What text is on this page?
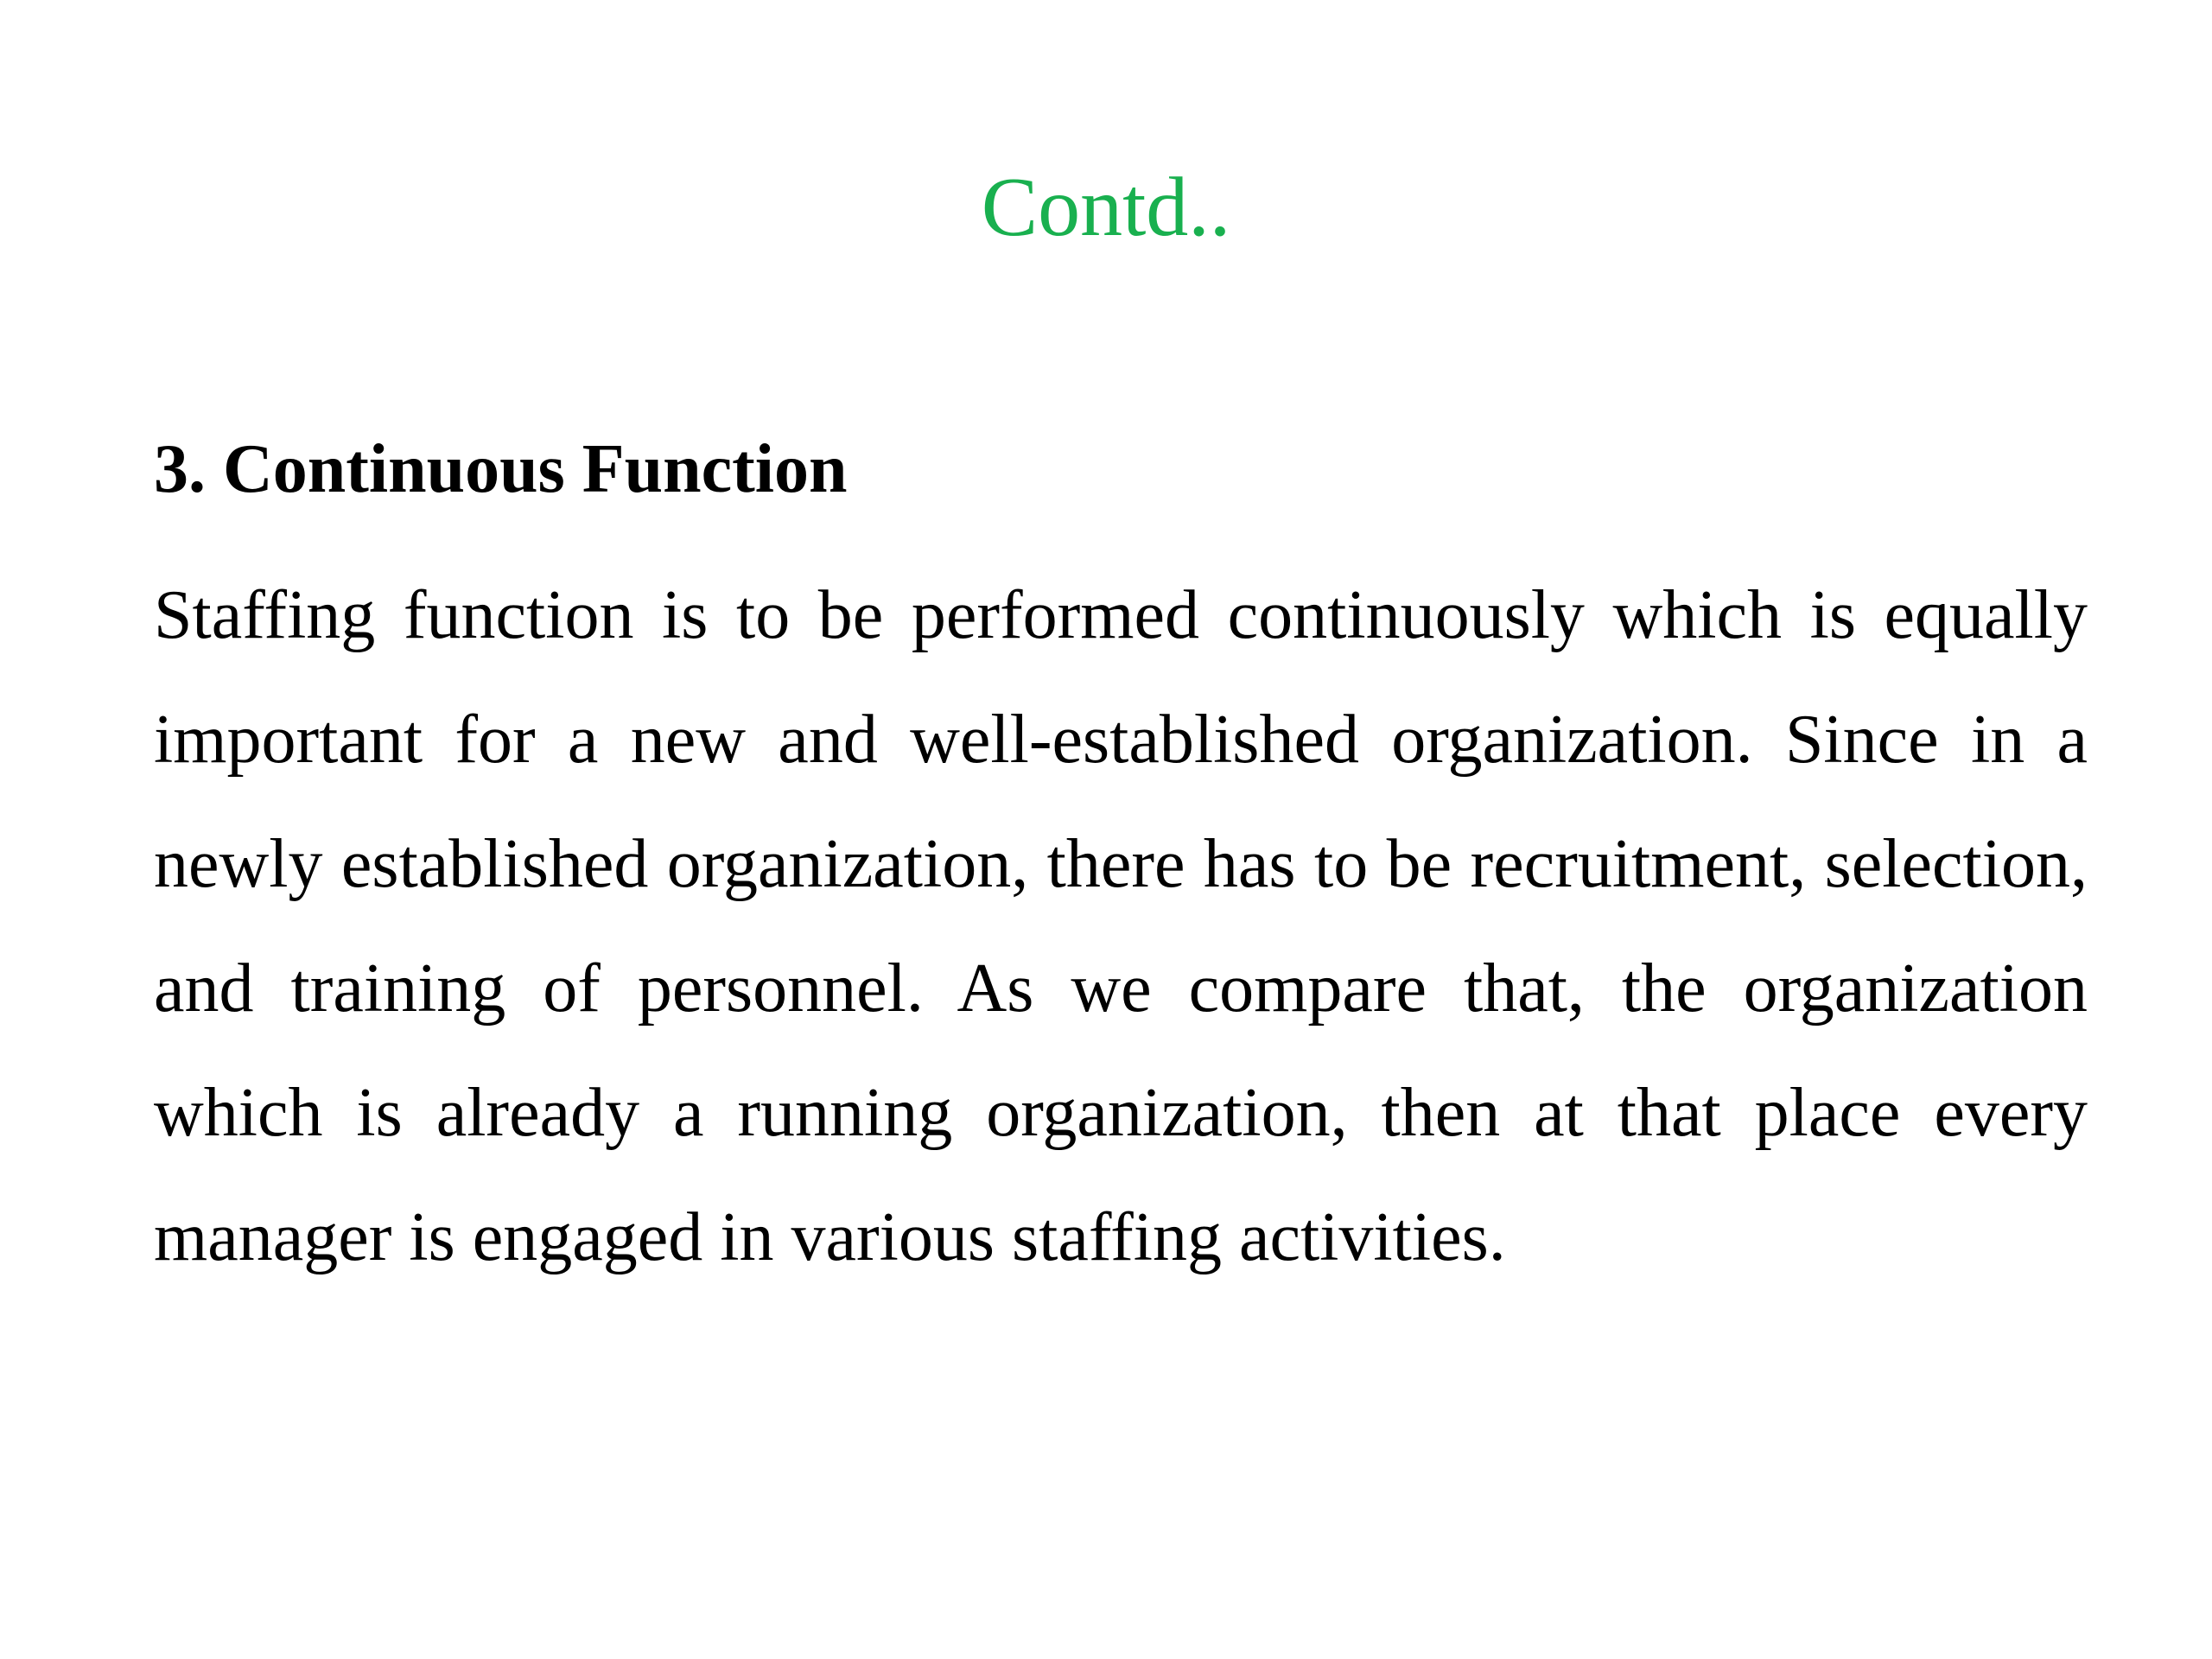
Contd..
3. Continuous Function

Staffing function is to be performed continuously which is equally important for a new and well-established organization. Since in a newly established organization, there has to be recruitment, selection, and training of personnel. As we compare that, the organization which is already a running organization, then at that place every manager is engaged in various staffing activities.
